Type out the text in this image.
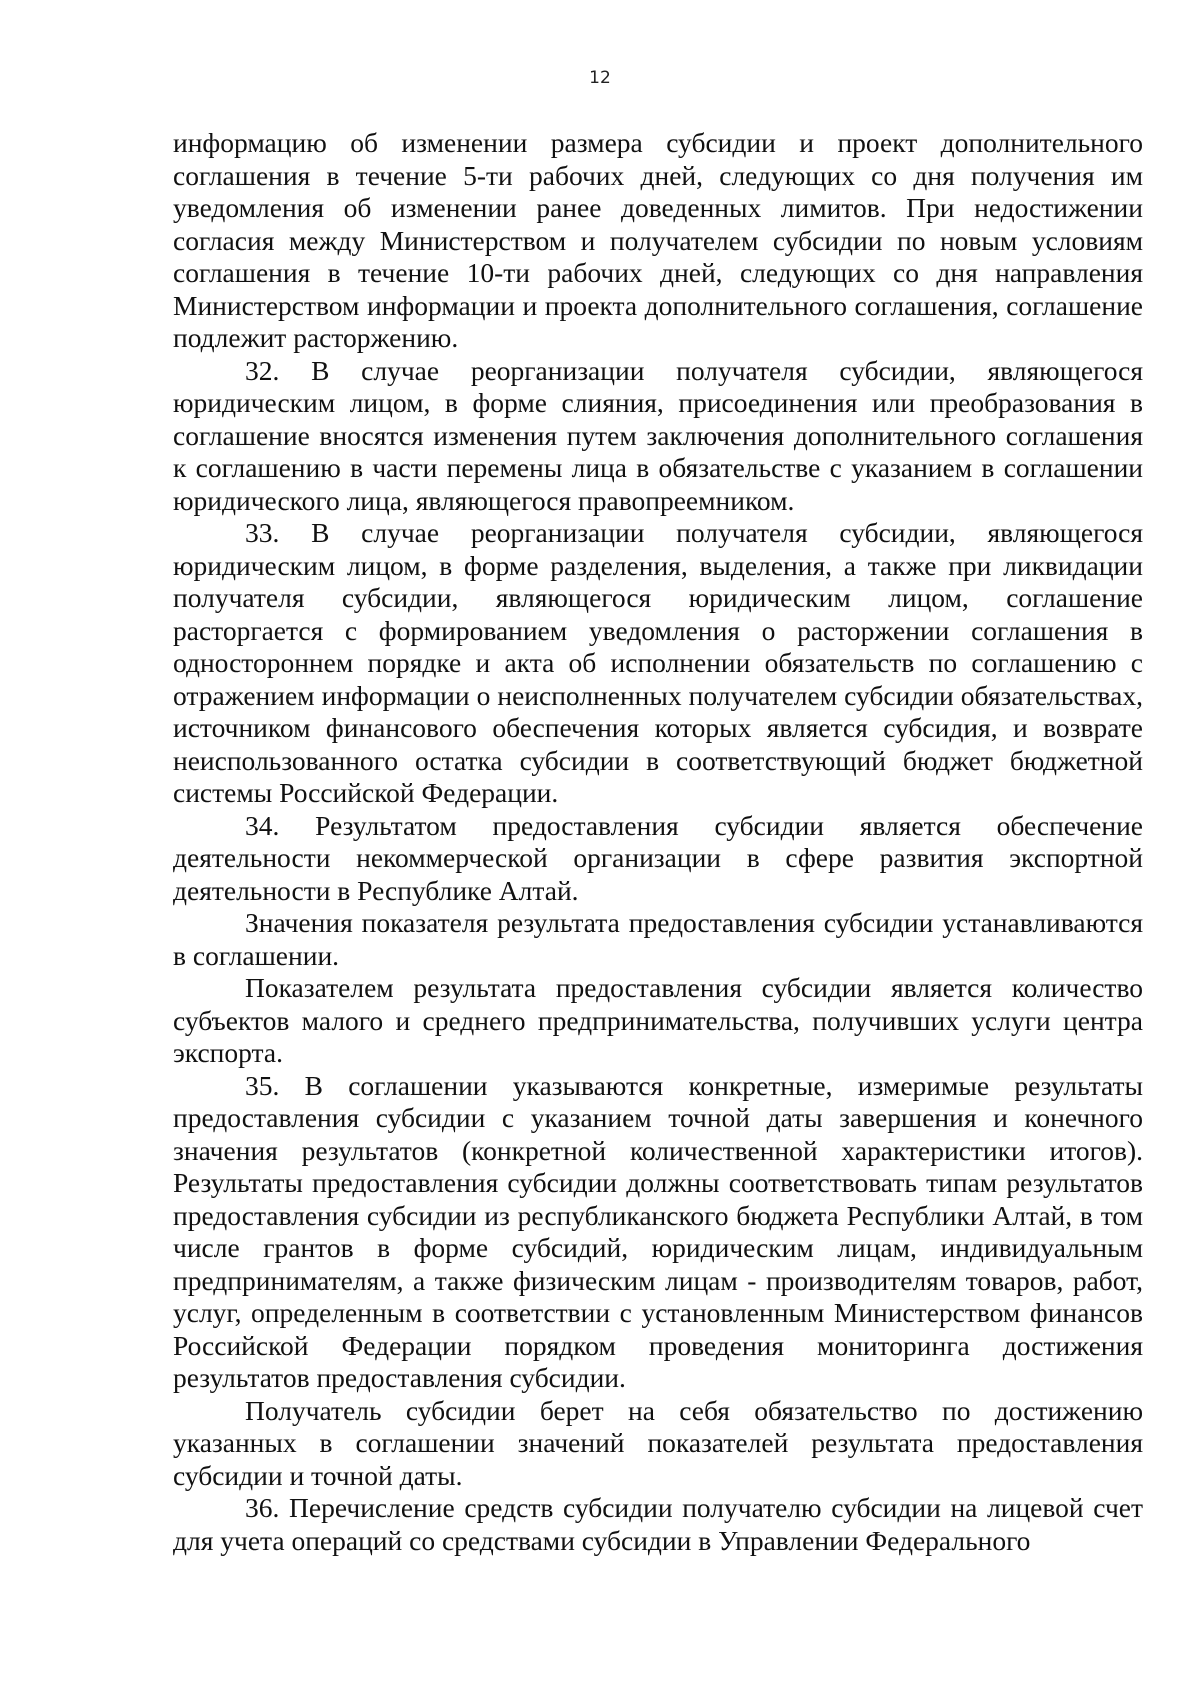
12

информацию об изменении размера субсидии и проект дополнительного соглашения в течение 5-ти рабочих дней, следующих со дня получения им уведомления об изменении ранее доведенных лимитов. При недостижении согласия между Министерством и получателем субсидии по новым условиям соглашения в течение 10-ти рабочих дней, следующих со дня направления Министерством информации и проекта дополнительного соглашения, соглашение подлежит расторжению.

32. В случае реорганизации получателя субсидии, являющегося юридическим лицом, в форме слияния, присоединения или преобразования в соглашение вносятся изменения путем заключения дополнительного соглашения к соглашению в части перемены лица в обязательстве с указанием в соглашении юридического лица, являющегося правопреемником.

33. В случае реорганизации получателя субсидии, являющегося юридическим лицом, в форме разделения, выделения, а также при ликвидации получателя субсидии, являющегося юридическим лицом, соглашение расторгается с формированием уведомления о расторжении соглашения в одностороннем порядке и акта об исполнении обязательств по соглашению с отражением информации о неисполненных получателем субсидии обязательствах, источником финансового обеспечения которых является субсидия, и возврате неиспользованного остатка субсидии в соответствующий бюджет бюджетной системы Российской Федерации.

34. Результатом предоставления субсидии является обеспечение деятельности некоммерческой организации в сфере развития экспортной деятельности в Республике Алтай.

Значения показателя результата предоставления субсидии устанавливаются в соглашении.

Показателем результата предоставления субсидии является количество субъектов малого и среднего предпринимательства, получивших услуги центра экспорта.

35. В соглашении указываются конкретные, измеримые результаты предоставления субсидии с указанием точной даты завершения и конечного значения результатов (конкретной количественной характеристики итогов). Результаты предоставления субсидии должны соответствовать типам результатов предоставления субсидии из республиканского бюджета Республики Алтай, в том числе грантов в форме субсидий, юридическим лицам, индивидуальным предпринимателям, а также физическим лицам - производителям товаров, работ, услуг, определенным в соответствии с установленным Министерством финансов Российской Федерации порядком проведения мониторинга достижения результатов предоставления субсидии.

Получатель субсидии берет на себя обязательство по достижению указанных в соглашении значений показателей результата предоставления субсидии и точной даты.

36. Перечисление средств субсидии получателю субсидии на лицевой счет для учета операций со средствами субсидии в Управлении Федерального
